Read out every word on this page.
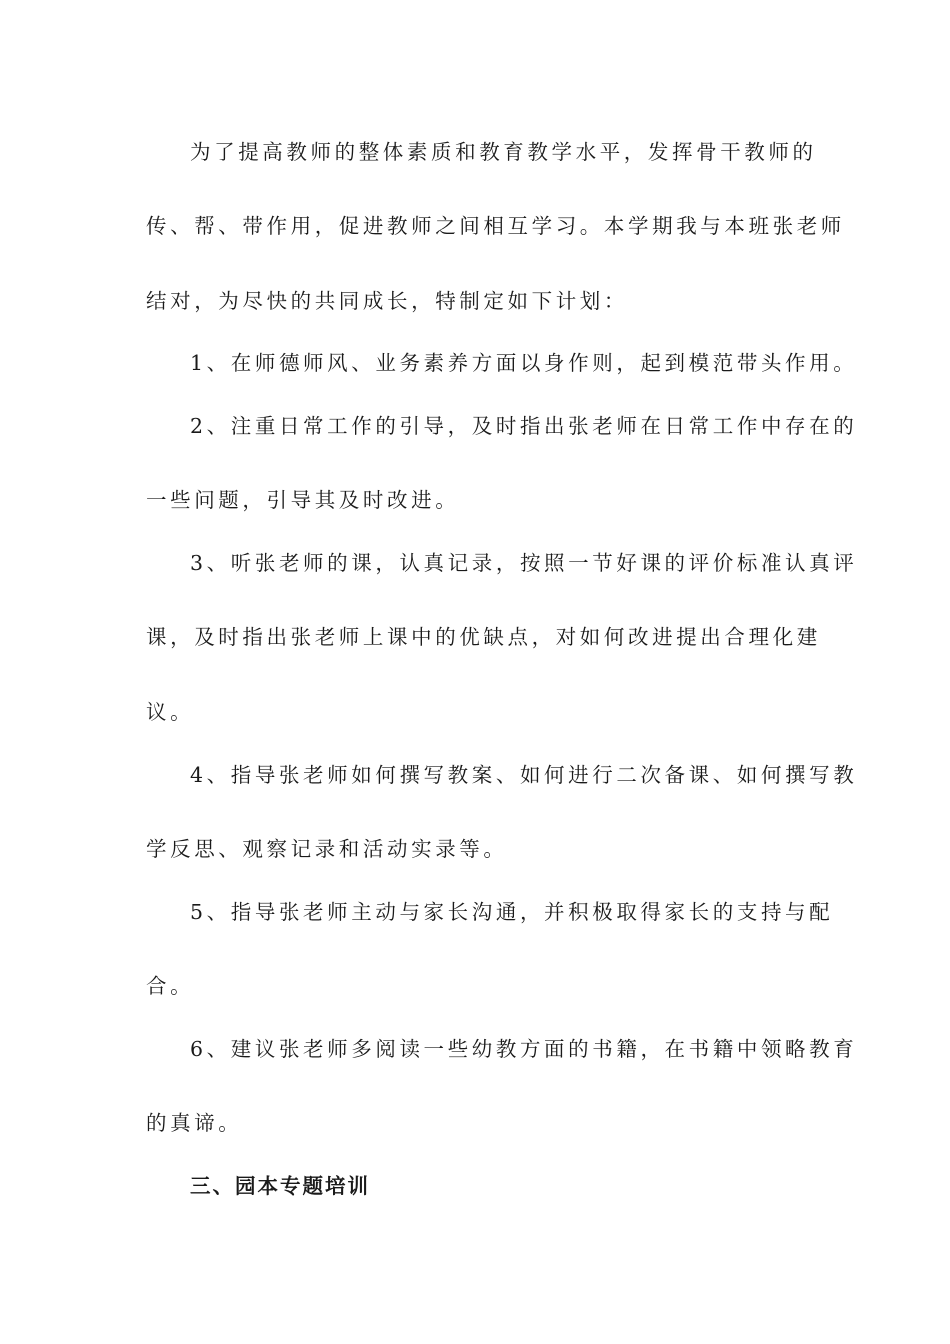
为了提高教师的整体素质和教育教学水平，发挥骨干教师的
传、帮、带作用，促进教师之间相互学习。本学期我与本班张老师
结对，为尽快的共同成长，特制定如下计划：
1、在师德师风、业务素养方面以身作则，起到模范带头作用。
2、注重日常工作的引导，及时指出张老师在日常工作中存在的
一些问题，引导其及时改进。
3、听张老师的课，认真记录，按照一节好课的评价标准认真评
课，及时指出张老师上课中的优缺点，对如何改进提出合理化建
议。
4、指导张老师如何撰写教案、如何进行二次备课、如何撰写教
学反思、观察记录和活动实录等。
5、指导张老师主动与家长沟通，并积极取得家长的支持与配
合。
6、建议张老师多阅读一些幼教方面的书籍，在书籍中领略教育
的真谛。
三、园本专题培训
